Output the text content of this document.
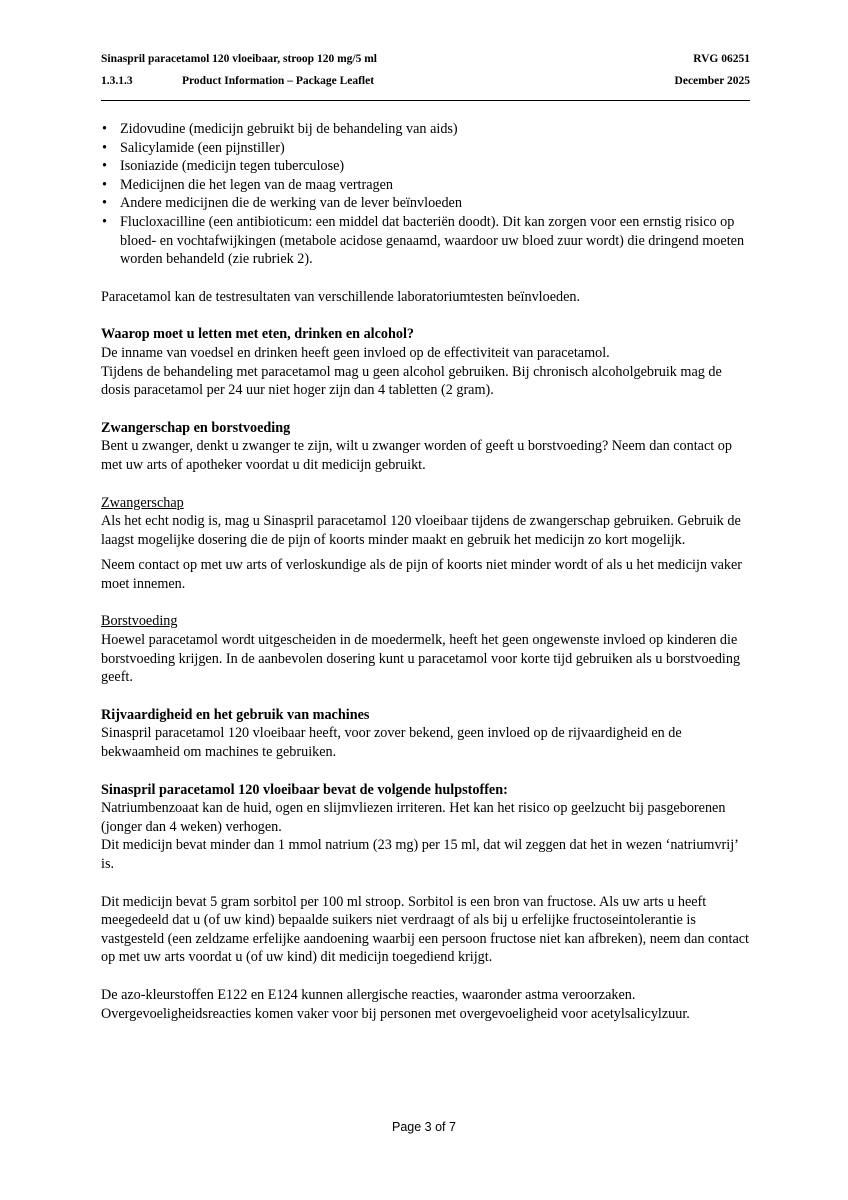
Sinaspril paracetamol 120 vloeibaar, stroop 120 mg/5 ml	RVG 06251
1.3.1.3	Product Information – Package Leaflet	December 2025
• Zidovudine (medicijn gebruikt bij de behandeling van aids)
• Salicylamide (een pijnstiller)
• Isoniazide (medicijn tegen tuberculose)
• Medicijnen die het legen van de maag vertragen
• Andere medicijnen die de werking van de lever beïnvloeden
• Flucloxacilline (een antibioticum: een middel dat bacteriën doodt). Dit kan zorgen voor een ernstig risico op bloed- en vochtafwijkingen (metabole acidose genaamd, waardoor uw bloed zuur wordt) die dringend moeten worden behandeld (zie rubriek 2).

Paracetamol kan de testresultaten van verschillende laboratoriumtesten beïnvloeden.

Waarop moet u letten met eten, drinken en alcohol?

De inname van voedsel en drinken heeft geen invloed op de effectiviteit van paracetamol.

Tijdens de behandeling met paracetamol mag u geen alcohol gebruiken. Bij chronisch alcoholgebruik mag de dosis paracetamol per 24 uur niet hoger zijn dan 4 tabletten (2 gram).

Zwangerschap en borstvoeding

Bent u zwanger, denkt u zwanger te zijn, wilt u zwanger worden of geeft u borstvoeding? Neem dan contact op met uw arts of apotheker voordat u dit medicijn gebruikt.

Zwangerschap

Als het echt nodig is, mag u Sinaspril paracetamol 120 vloeibaar tijdens de zwangerschap gebruiken. Gebruik de laagst mogelijke dosering die de pijn of koorts minder maakt en gebruik het medicijn zo kort mogelijk.

Neem contact op met uw arts of verloskundige als de pijn of koorts niet minder wordt of als u het medicijn vaker moet innemen.

Borstvoeding

Hoewel paracetamol wordt uitgescheiden in de moedermelk, heeft het geen ongewenste invloed op kinderen die borstvoeding krijgen. In de aanbevolen dosering kunt u paracetamol voor korte tijd gebruiken als u borstvoeding geeft.

Rijvaardigheid en het gebruik van machines

Sinaspril paracetamol 120 vloeibaar heeft, voor zover bekend, geen invloed op de rijvaardigheid en de bekwaamheid om machines te gebruiken.

Sinaspril paracetamol 120 vloeibaar bevat de volgende hulpstoffen:

Natriumbenzoaat kan de huid, ogen en slijmvliezen irriteren. Het kan het risico op geelzucht bij pasgeborenen (jonger dan 4 weken) verhogen.

Dit medicijn bevat minder dan 1 mmol natrium (23 mg) per 15 ml, dat wil zeggen dat het in wezen ‘natriumvrij’ is.

Dit medicijn bevat 5 gram sorbitol per 100 ml stroop. Sorbitol is een bron van fructose. Als uw arts u heeft meegedeeld dat u (of uw kind) bepaalde suikers niet verdraagt of als bij u erfelijke fructoseintolerantie is vastgesteld (een zeldzame erfelijke aandoening waarbij een persoon fructose niet kan afbreken), neem dan contact op met uw arts voordat u (of uw kind) dit medicijn toegediend krijgt.

De azo-kleurstoffen E122 en E124 kunnen allergische reacties, waaronder astma veroorzaken. Overgevoeligheidsreacties komen vaker voor bij personen met overgevoeligheid voor acetylsalicylzuur.

Page 3 of 7
